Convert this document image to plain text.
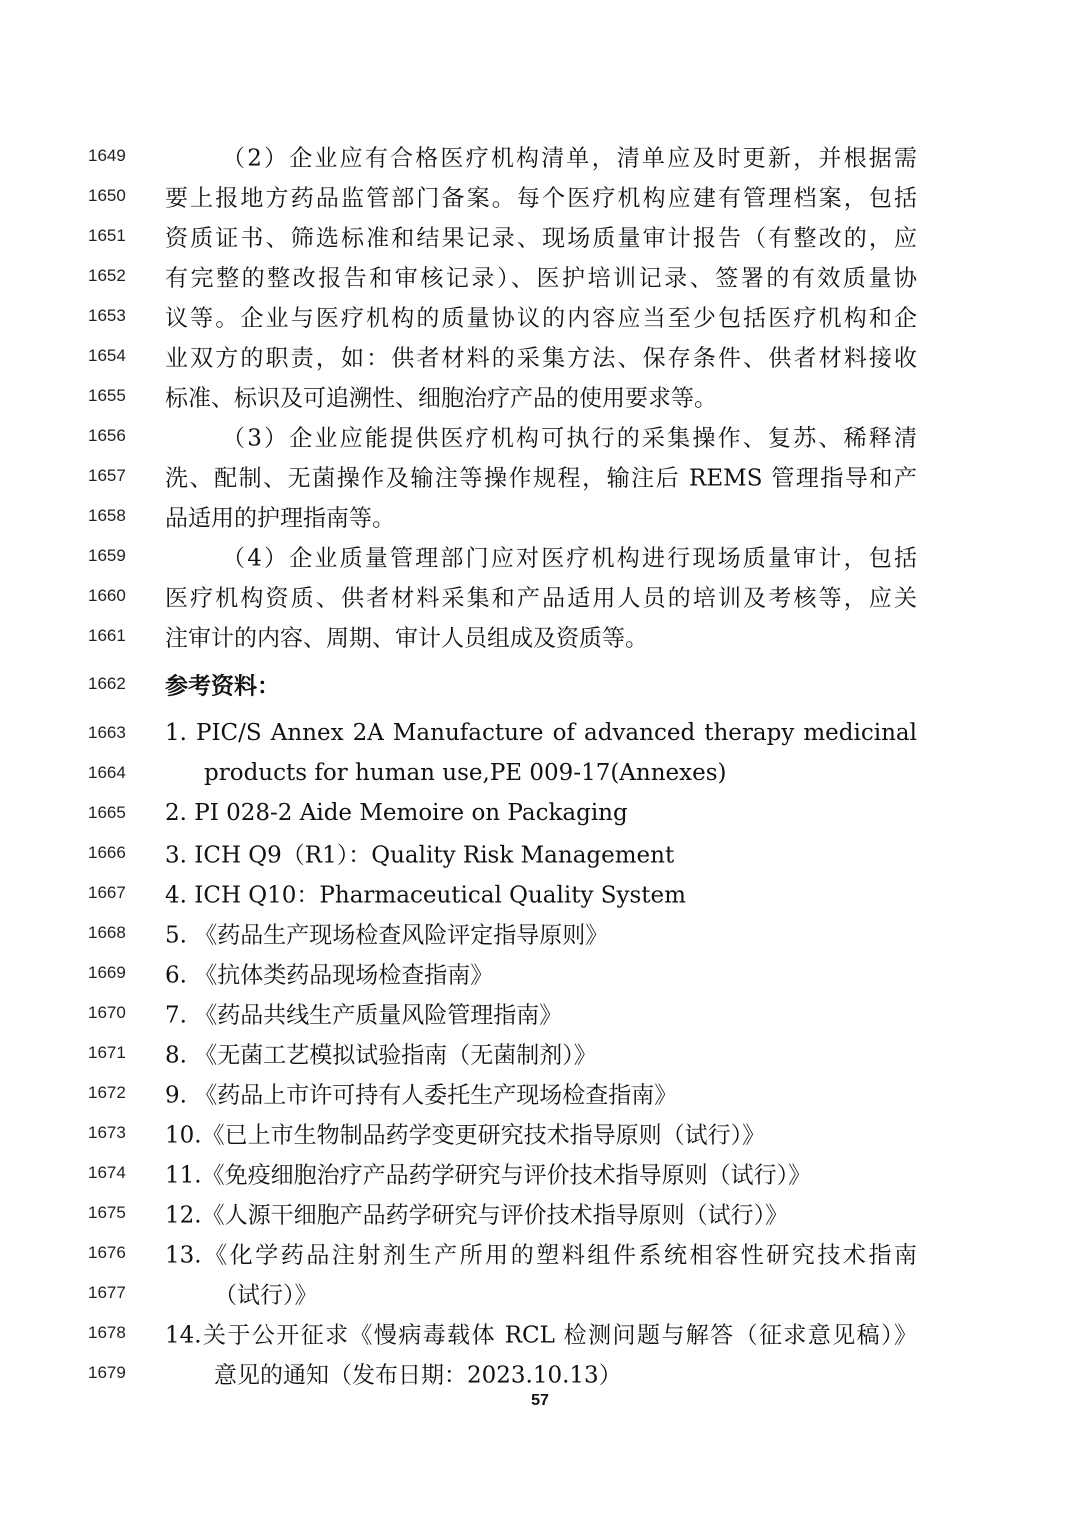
1649	（2）企业应有合格医疗机构清单，清单应及时更新，并根据需
1650	要上报地方药品监管部门备案。每个医疗机构应建有管理档案，包括
1651	资质证书、筛选标准和结果记录、现场质量审计报告（有整改的，应
1652	有完整的整改报告和审核记录）、医护培训记录、签署的有效质量协
1653	议等。企业与医疗机构的质量协议的内容应当至少包括医疗机构和企
1654	业双方的职责，如：供者材料的采集方法、保存条件、供者材料接收
1655	标准、标识及可追溯性、细胞治疗产品的使用要求等。
1656	（3）企业应能提供医疗机构可执行的采集操作、复苏、稀释清
1657	洗、配制、无菌操作及输注等操作规程，输注后 REMS 管理指导和产
1658	品适用的护理指南等。
1659	（4）企业质量管理部门应对医疗机构进行现场质量审计，包括
1660	医疗机构资质、供者材料采集和产品适用人员的培训及考核等，应关
1661	注审计的内容、周期、审计人员组成及资质等。
1662	参考资料：
1663	1. PIC/S Annex 2A Manufacture of advanced therapy medicinal
1664	products for human use,PE 009-17(Annexes)
1665	2. PI 028-2 Aide Memoire on Packaging
1666	3. ICH Q9（R1）：Quality Risk Management
1667	4. ICH Q10：Pharmaceutical Quality System
1668	5. 《药品生产现场检查风险评定指导原则》
1669	6. 《抗体类药品现场检查指南》
1670	7. 《药品共线生产质量风险管理指南》
1671	8. 《无菌工艺模拟试验指南（无菌制剂）》
1672	9. 《药品上市许可持有人委托生产现场检查指南》
1673	10.《已上市生物制品药学变更研究技术指导原则（试行）》
1674	11.《免疫细胞治疗产品药学研究与评价技术指导原则（试行）》
1675	12.《人源干细胞产品药学研究与评价技术指导原则（试行）》
1676	13.《化学药品注射剂生产所用的塑料组件系统相容性研究技术指南
1677	（试行）》
1678	14.关于公开征求《慢病毒载体 RCL 检测问题与解答（征求意见稿）》
1679	意见的通知（发布日期：2023.10.13）
57
